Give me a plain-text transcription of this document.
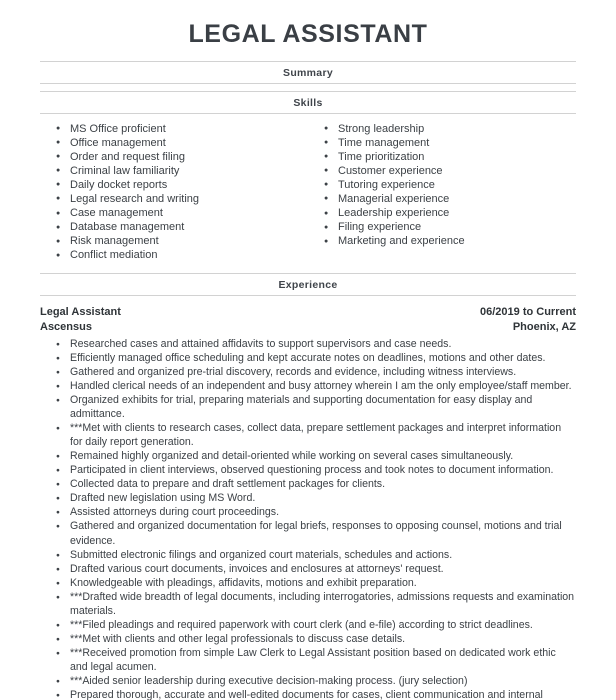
LEGAL ASSISTANT
Summary
Skills
● MS Office proficient
● Office management
● Order and request filing
● Criminal law familiarity
● Daily docket reports
● Legal research and writing
● Case management
● Database management
● Risk management
● Conflict mediation
● Strong leadership
● Time management
● Time prioritization
● Customer experience
● Tutoring experience
● Managerial experience
● Leadership experience
● Filing experience
● Marketing and experience
Experience
Legal Assistant
Ascensus
06/2019 to Current
Phoenix, AZ
● Researched cases and attained affidavits to support supervisors and case needs.
● Efficiently managed office scheduling and kept accurate notes on deadlines, motions and other dates.
● Gathered and organized pre-trial discovery, records and evidence, including witness interviews.
● Handled clerical needs of an independent and busy attorney wherein I am the only employee/staff member.
● Organized exhibits for trial, preparing materials and supporting documentation for easy display and admittance.
● ***Met with clients to research cases, collect data, prepare settlement packages and interpret information for daily report generation.
● Remained highly organized and detail-oriented while working on several cases simultaneously.
● Participated in client interviews, observed questioning process and took notes to document information.
● Collected data to prepare and draft settlement packages for clients.
● Drafted new legislation using MS Word.
● Assisted attorneys during court proceedings.
● Gathered and organized documentation for legal briefs, responses to opposing counsel, motions and trial evidence.
● Submitted electronic filings and organized court materials, schedules and actions.
● Drafted various court documents, invoices and enclosures at attorneys' request.
● Knowledgeable with pleadings, affidavits, motions and exhibit preparation.
● ***Drafted wide breadth of legal documents, including interrogatories, admissions requests and examination materials.
● ***Filed pleadings and required paperwork with court clerk (and e-file) according to strict deadlines.
● ***Met with clients and other legal professionals to discuss case details.
● ***Received promotion from simple Law Clerk to Legal Assistant position based on dedicated work ethic and legal acumen.
● ***Aided senior leadership during executive decision-making process. (jury selection)
● Prepared thorough, accurate and well-edited documents for cases, client communication and internal
